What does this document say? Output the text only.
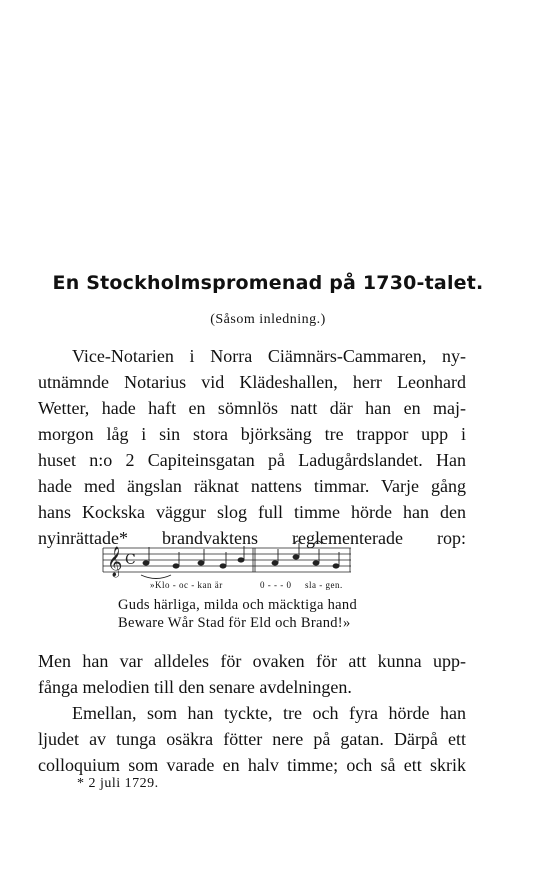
En Stockholmspromenad på 1730-talet.
(Såsom inledning.)
Vice-Notarien i Norra Ciämnärs-Cammaren, ny-
utnämnde Notarius vid Klädeshallen, herr Leonhard
Wetter, hade haft en sömnlös natt där han en maj-
morgon låg i sin stora björksäng tre trappor upp i
huset n:o 2 Capiteinsgatan på Ladugårdslandet. Han
hade med ängslan räknat nattens timmar. Varje gång
hans Kockska väggur slog full timme hörde han den
nyinrättade* brandvaktens reglementerade rop:
𝄞 C
»Klo - oc - kan är	0 - - - 0 sla - gen.
Guds härliga, milda och mäcktiga hand
Beware Wår Stad för Eld och Brand!»
Men han var alldeles för ovaken för att kunna upp-
fånga melodien till den senare avdelningen.
Emellan, som han tyckte, tre och fyra hörde han
ljudet av tunga osäkra fötter nere på gatan. Därpå ett
colloquium som varade en halv timme; och så ett skrik
* 2 juli 1729.
